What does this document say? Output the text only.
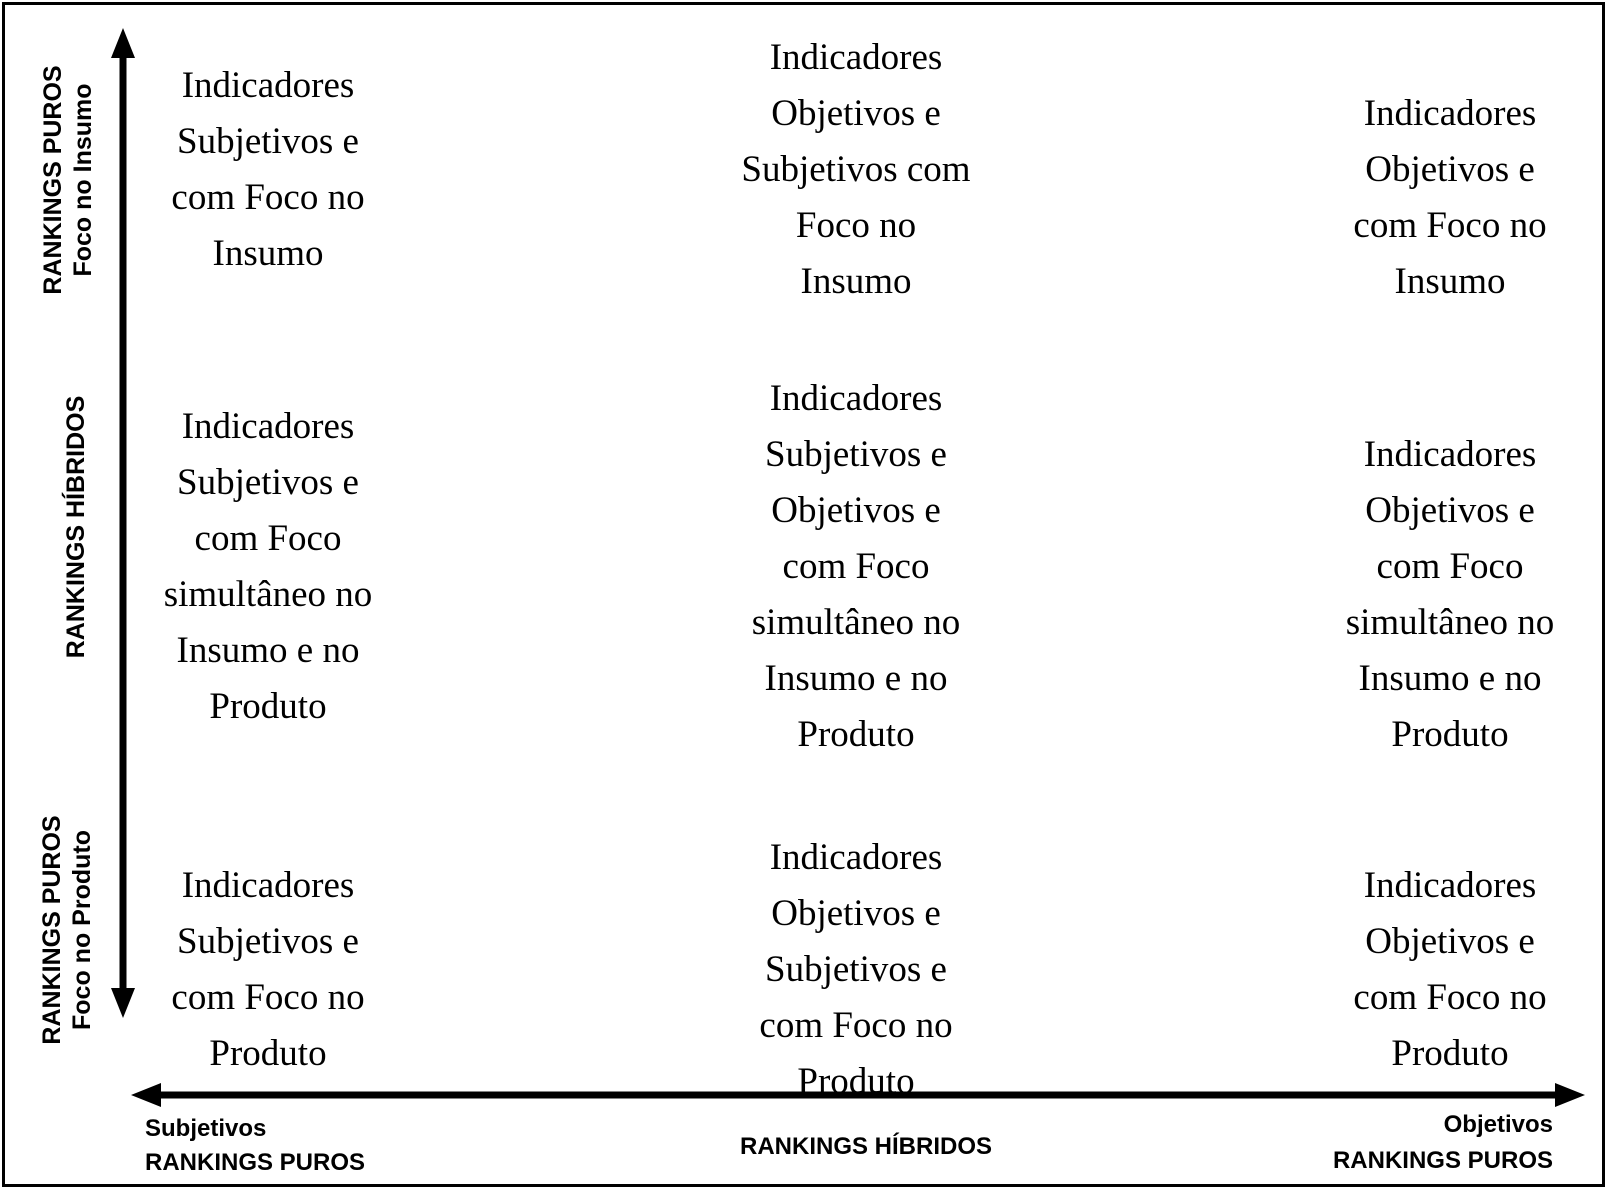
RANKINGS PUROS Foco no Insumo
RANKINGS HÍBRIDOS
RANKINGS PUROS Foco no Produto
Subjetivos
RANKINGS PUROS
RANKINGS HÍBRIDOS
Objetivos
RANKINGS PUROS
Indicadores
Subjetivos e
com Foco no
Insumo
Indicadores
Objetivos e
Subjetivos com
Foco no
Insumo
Indicadores
Objetivos e
com Foco no
Insumo
Indicadores
Subjetivos e
com Foco
simultâneo no
Insumo e no
Produto
Indicadores
Subjetivos e
Objetivos e
com Foco
simultâneo no
Insumo e no
Produto
Indicadores
Objetivos e
com Foco
simultâneo no
Insumo e no
Produto
Indicadores
Subjetivos e
com Foco no
Produto
Indicadores
Objetivos e
Subjetivos e
com Foco no
Produto
Indicadores
Objetivos e
com Foco no
Produto
